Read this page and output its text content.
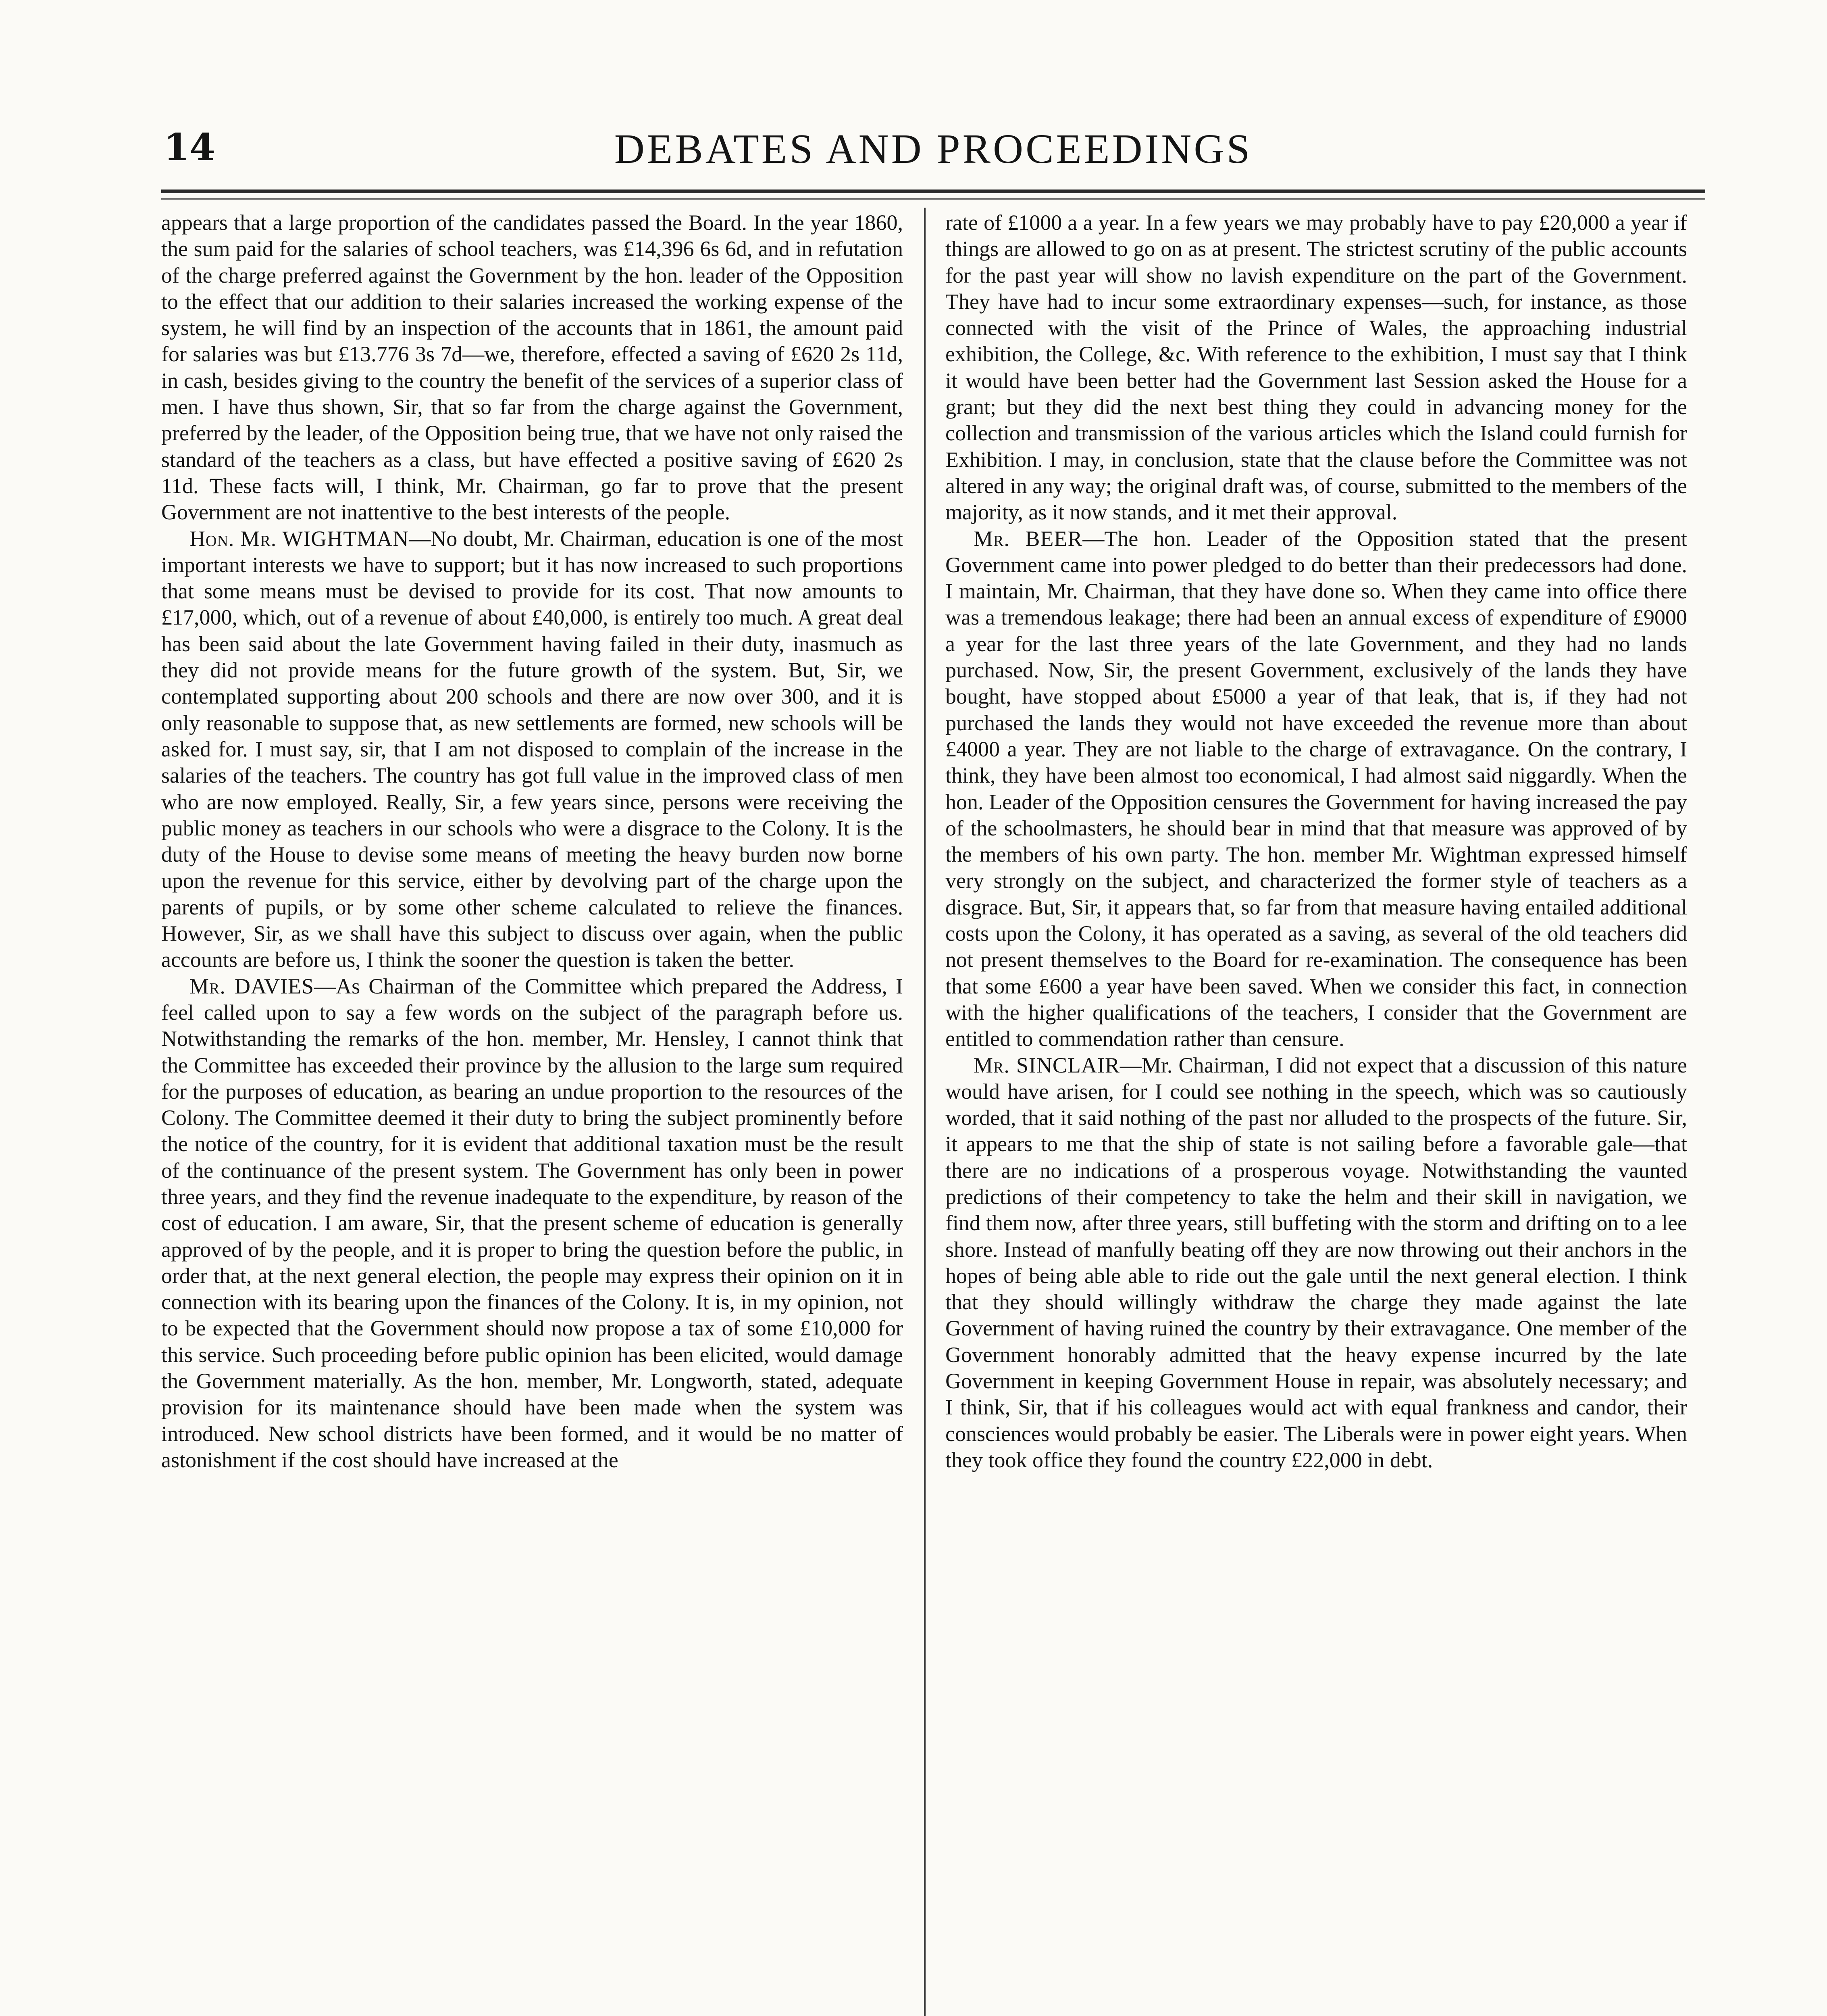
14	DEBATES AND PROCEEDINGS

appears that a large proportion of the candidates passed the Board. In the year 1860, the sum paid for the salaries of school teachers, was £14,396 6s 6d, and in refutation of the charge preferred against the Government by the hon. leader of the Opposition to the effect that our addition to their salaries increased the working expense of the system, he will find by an inspection of the accounts that in 1861, the amount paid for salaries was but £13.776 3s 7d—we, therefore, effected a saving of £620 2s 11d, in cash, besides giving to the country the benefit of the services of a superior class of men. I have thus shown, Sir, that so far from the charge against the Government, preferred by the leader, of the Opposition being true, that we have not only raised the standard of the teachers as a class, but have effected a positive saving of £620 2s 11d. These facts will, I think, Mr. Chairman, go far to prove that the present Government are not inattentive to the best interests of the people.

Hon. Mr. WIGHTMAN—No doubt, Mr. Chairman, education is one of the most important interests we have to support; but it has now increased to such proportions that some means must be devised to provide for its cost. That now amounts to £17,000, which, out of a revenue of about £40,000, is entirely too much. A great deal has been said about the late Government having failed in their duty, inasmuch as they did not provide means for the future growth of the system. But, Sir, we contemplated supporting about 200 schools and there are now over 300, and it is only reasonable to suppose that, as new settlements are formed, new schools will be asked for. I must say, sir, that I am not disposed to complain of the increase in the salaries of the teachers. The country has got full value in the improved class of men who are now employed. Really, Sir, a few years since, persons were receiving the public money as teachers in our schools who were a disgrace to the Colony. It is the duty of the House to devise some means of meeting the heavy burden now borne upon the revenue for this service, either by devolving part of the charge upon the parents of pupils, or by some other scheme calculated to relieve the finances. However, Sir, as we shall have this subject to discuss over again, when the public accounts are before us, I think the sooner the question is taken the better.

Mr. DAVIES—As Chairman of the Committee which prepared the Address, I feel called upon to say a few words on the subject of the paragraph before us. Notwithstanding the remarks of the hon. member, Mr. Hensley, I cannot think that the Committee has exceeded their province by the allusion to the large sum required for the purposes of education, as bearing an undue proportion to the resources of the Colony. The Committee deemed it their duty to bring the subject prominently before the notice of the country, for it is evident that additional taxation must be the result of the continuance of the present system. The Government has only been in power three years, and they find the revenue inadequate to the expenditure, by reason of the cost of education. I am aware, Sir, that the present scheme of education is generally approved of by the people, and it is proper to bring the question before the public, in order that, at the next general election, the people may express their opinion on it in connection with its bearing upon the finances of the Colony. It is, in my opinion, not to be expected that the Government should now propose a tax of some £10,000 for this service. Such proceeding before public opinion has been elicited, would damage the Government materially. As the hon. member, Mr. Longworth, stated, adequate provision for its maintenance should have been made when the system was introduced. New school districts have been formed, and it would be no matter of astonishment if the cost should have increased at the

rate of £1000 a a year. In a few years we may probably have to pay £20,000 a year if things are allowed to go on as at present. The strictest scrutiny of the public accounts for the past year will show no lavish expenditure on the part of the Government. They have had to incur some extraordinary expenses—such, for instance, as those connected with the visit of the Prince of Wales, the approaching industrial exhibition, the College, &c. With reference to the exhibition, I must say that I think it would have been better had the Government last Session asked the House for a grant; but they did the next best thing they could in advancing money for the collection and transmission of the various articles which the Island could furnish for Exhibition. I may, in conclusion, state that the clause before the Committee was not altered in any way; the original draft was, of course, submitted to the members of the majority, as it now stands, and it met their approval.

Mr. BEER—The hon. Leader of the Opposition stated that the present Government came into power pledged to do better than their predecessors had done. I maintain, Mr. Chairman, that they have done so. When they came into office there was a tremendous leakage; there had been an annual excess of expenditure of £9000 a year for the last three years of the late Government, and they had no lands purchased. Now, Sir, the present Government, exclusively of the lands they have bought, have stopped about £5000 a year of that leak, that is, if they had not purchased the lands they would not have exceeded the revenue more than about £4000 a year. They are not liable to the charge of extravagance. On the contrary, I think, they have been almost too economical, I had almost said niggardly. When the hon. Leader of the Opposition censures the Government for having increased the pay of the schoolmasters, he should bear in mind that that measure was approved of by the members of his own party. The hon. member Mr. Wightman expressed himself very strongly on the subject, and characterized the former style of teachers as a disgrace. But, Sir, it appears that, so far from that measure having entailed additional costs upon the Colony, it has operated as a saving, as several of the old teachers did not present themselves to the Board for re-examination. The consequence has been that some £600 a year have been saved. When we consider this fact, in connection with the higher qualifications of the teachers, I consider that the Government are entitled to commendation rather than censure.

Mr. SINCLAIR—Mr. Chairman, I did not expect that a discussion of this nature would have arisen, for I could see nothing in the speech, which was so cautiously worded, that it said nothing of the past nor alluded to the prospects of the future. Sir, it appears to me that the ship of state is not sailing before a favorable gale—that there are no indications of a prosperous voyage. Notwithstanding the vaunted predictions of their competency to take the helm and their skill in navigation, we find them now, after three years, still buffeting with the storm and drifting on to a lee shore. Instead of manfully beating off they are now throwing out their anchors in the hopes of being able able to ride out the gale until the next general election. I think that they should willingly withdraw the charge they made against the late Government of having ruined the country by their extravagance. One member of the Government honorably admitted that the heavy expense incurred by the late Government in keeping Government House in repair, was absolutely necessary; and I think, Sir, that if his colleagues would act with equal frankness and candor, their consciences would probably be easier. The Liberals were in power eight years. When they took office they found the country £22,000 in debt.
